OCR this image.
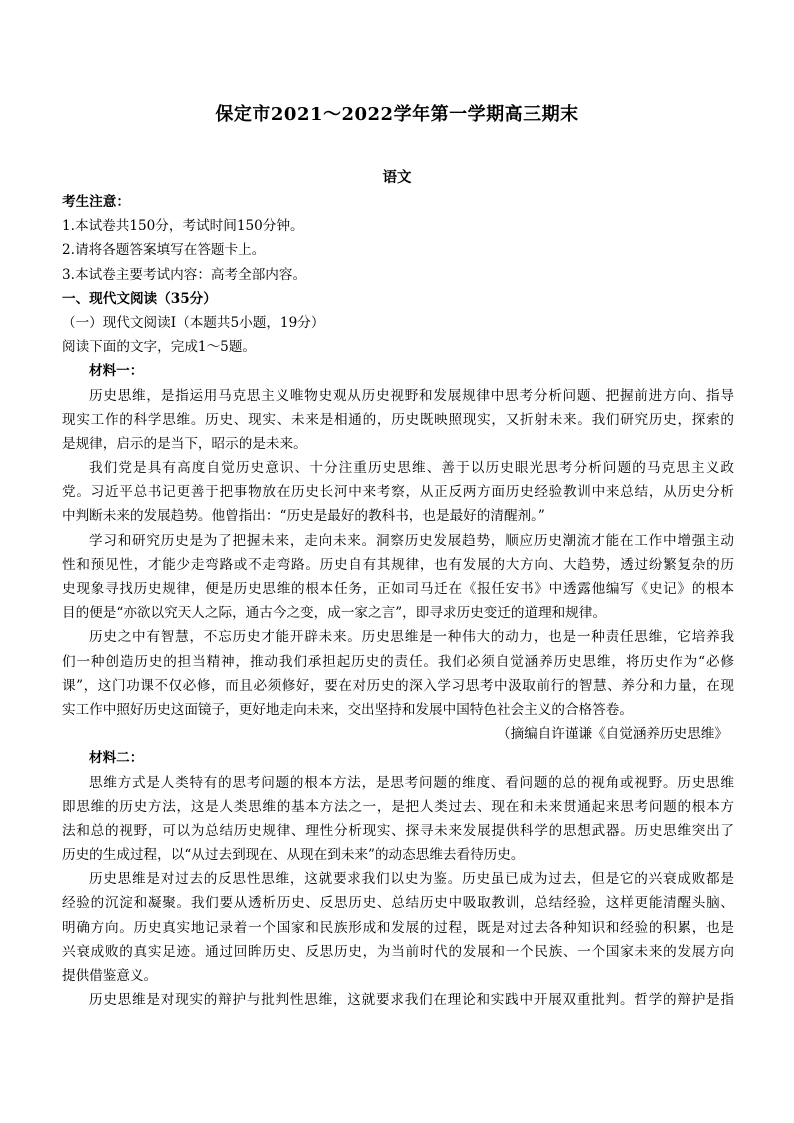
保定市2021～2022学年第一学期高三期末
语文
考生注意：
1.本试卷共150分，考试时间150分钟。
2.请将各题答案填写在答题卡上。
3.本试卷主要考试内容：高考全部内容。
一、现代文阅读（35分）
（一）现代文阅读Ⅰ（本题共5小题，19分）
阅读下面的文字，完成1～5题。
材料一：
历史思维，是指运用马克思主义唯物史观从历史视野和发展规律中思考分析问题、把握前进方向、指导
现实工作的科学思维。历史、现实、未来是相通的，历史既映照现实，又折射未来。我们研究历史，探索的
是规律，启示的是当下，昭示的是未来。
我们党是具有高度自觉历史意识、十分注重历史思维、善于以历史眼光思考分析问题的马克思主义政
党。习近平总书记更善于把事物放在历史长河中来考察，从正反两方面历史经验教训中来总结，从历史分析
中判断未来的发展趋势。他曾指出：“历史是最好的教科书，也是最好的清醒剂。”
学习和研究历史是为了把握未来，走向未来。洞察历史发展趋势，顺应历史潮流才能在工作中增强主动
性和预见性，才能少走弯路或不走弯路。历史自有其规律，也有发展的大方向、大趋势，透过纷繁复杂的历
史现象寻找历史规律，便是历史思维的根本任务，正如司马迁在《报任安书》中透露他编写《史记》的根本
目的便是“亦欲以究天人之际，通古今之变，成一家之言”，即寻求历史变迁的道理和规律。
历史之中有智慧，不忘历史才能开辟未来。历史思维是一种伟大的动力，也是一种责任思维，它培养我
们一种创造历史的担当精神，推动我们承担起历史的责任。我们必须自觉涵养历史思维，将历史作为“必修
课”，这门功课不仅必修，而且必须修好，要在对历史的深入学习思考中汲取前行的智慧、养分和力量，在现
实工作中照好历史这面镜子，更好地走向未来，交出坚持和发展中国特色社会主义的合格答卷。
（摘编自许谨谦《自觉涵养历史思维》
材料二：
思维方式是人类特有的思考问题的根本方法，是思考问题的维度、看问题的总的视角或视野。历史思维
即思维的历史方法，这是人类思维的基本方法之一，是把人类过去、现在和未来贯通起来思考问题的根本方
法和总的视野，可以为总结历史规律、理性分析现实、探寻未来发展提供科学的思想武器。历史思维突出了
历史的生成过程，以“从过去到现在、从现在到未来”的动态思维去看待历史。
历史思维是对过去的反思性思维，这就要求我们以史为鉴。历史虽已成为过去，但是它的兴衰成败都是
经验的沉淀和凝聚。我们要从透析历史、反思历史、总结历史中吸取教训，总结经验，这样更能清醒头脑、
明确方向。历史真实地记录着一个国家和民族形成和发展的过程，既是对过去各种知识和经验的积累，也是
兴衰成败的真实足迹。通过回眸历史、反思历史，为当前时代的发展和一个民族、一个国家未来的发展方向
提供借鉴意义。
历史思维是对现实的辩护与批判性思维，这就要求我们在理论和实践中开展双重批判。哲学的辩护是指
